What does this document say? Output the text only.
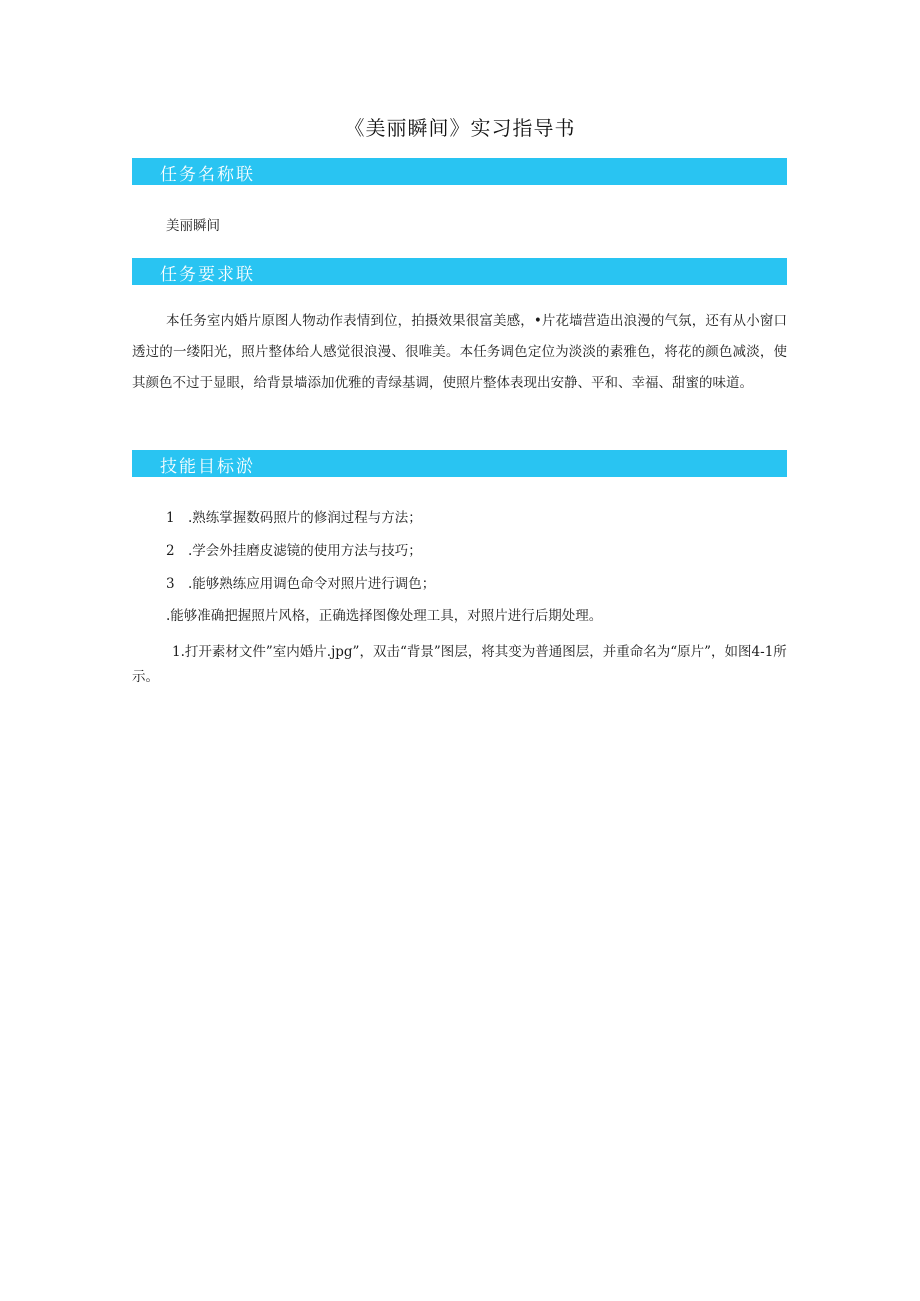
《美丽瞬间》实习指导书
任务名称联
美丽瞬间
任务要求联
本任务室内婚片原图人物动作表情到位，拍摄效果很富美感，•片花墙营造出浪漫的气氛，还有从小窗口透过的一缕阳光，照片整体给人感觉很浪漫、很唯美。本任务调色定位为淡淡的素雅色，将花的颜色减淡，使其颜色不过于显眼，给背景墙添加优雅的青绿基调，使照片整体表现出安静、平和、幸福、甜蜜的味道。
技能目标淤
1 .熟练掌握数码照片的修润过程与方法；
2 .学会外挂磨皮滤镜的使用方法与技巧；
3 .能够熟练应用调色命令对照片进行调色；
.能够准确把握照片风格，正确选择图像处理工具，对照片进行后期处理。
1.打开素材文件”室内婚片.jpg”，双击“背景”图层，将其变为普通图层，并重命名为“原片”，如图4-1所示。
